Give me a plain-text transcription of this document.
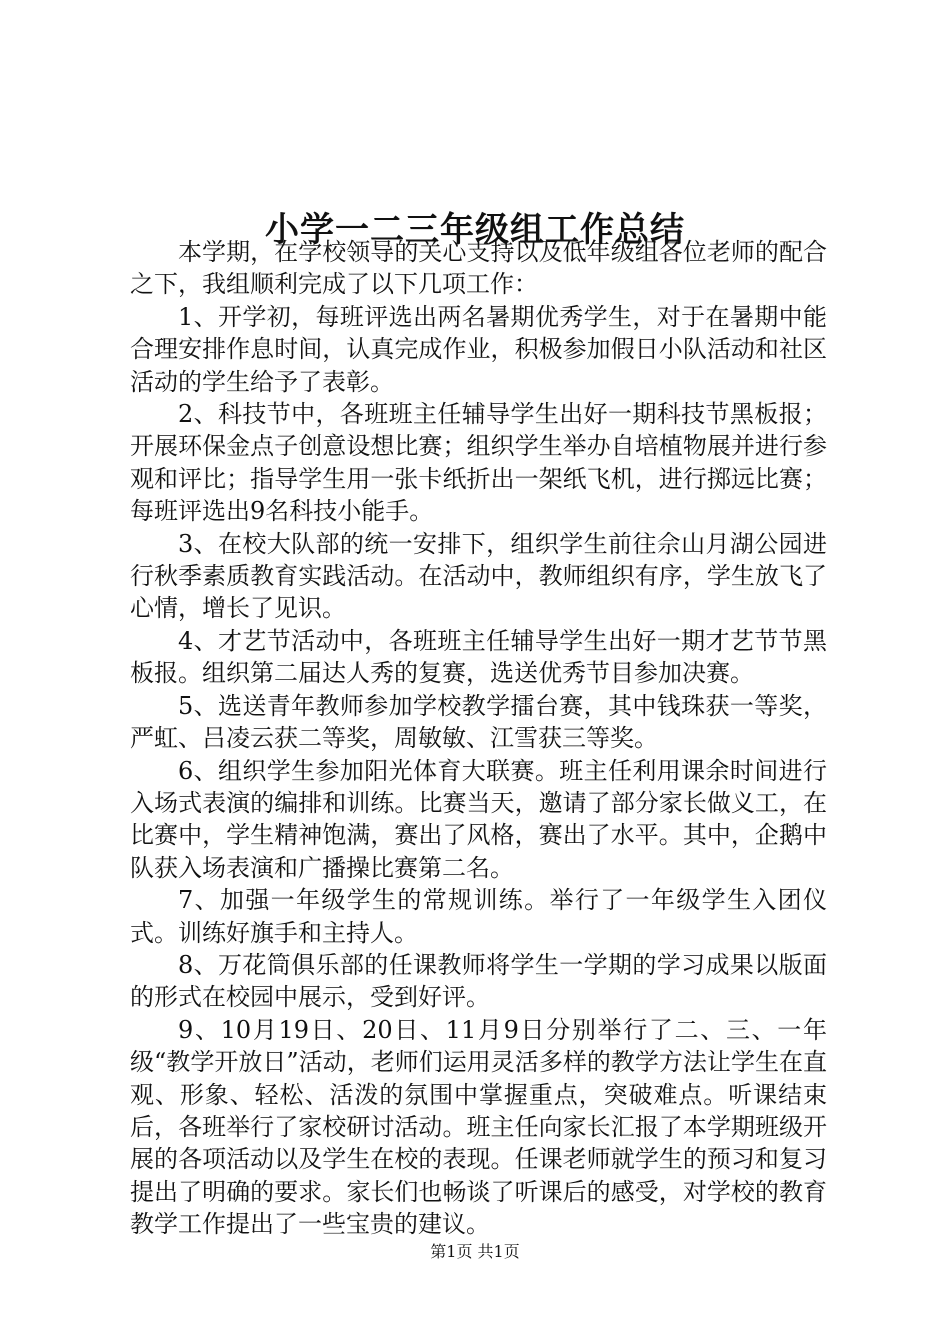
小学一二三年级组工作总结

本学期，在学校领导的关心支持以及低年级组各位老师的配合之下，我组顺利完成了以下几项工作：

1、开学初，每班评选出两名暑期优秀学生，对于在暑期中能合理安排作息时间，认真完成作业，积极参加假日小队活动和社区活动的学生给予了表彰。

2、科技节中，各班班主任辅导学生出好一期科技节黑板报；开展环保金点子创意设想比赛；组织学生举办自培植物展并进行参观和评比；指导学生用一张卡纸折出一架纸飞机，进行掷远比赛；每班评选出9名科技小能手。

3、在校大队部的统一安排下，组织学生前往佘山月湖公园进行秋季素质教育实践活动。在活动中，教师组织有序，学生放飞了心情，增长了见识。

4、才艺节活动中，各班班主任辅导学生出好一期才艺节节黑板报。组织第二届达人秀的复赛，选送优秀节目参加决赛。

5、选送青年教师参加学校教学擂台赛，其中钱珠获一等奖，严虹、吕凌云获二等奖，周敏敏、江雪获三等奖。

6、组织学生参加阳光体育大联赛。班主任利用课余时间进行入场式表演的编排和训练。比赛当天，邀请了部分家长做义工，在比赛中，学生精神饱满，赛出了风格，赛出了水平。其中，企鹅中队获入场表演和广播操比赛第二名。

7、加强一年级学生的常规训练。举行了一年级学生入团仪式。训练好旗手和主持人。

8、万花筒俱乐部的任课教师将学生一学期的学习成果以版面的形式在校园中展示，受到好评。

9、10月19日、20日、11月9日分别举行了二、三、一年级“教学开放日”活动，老师们运用灵活多样的教学方法让学生在直观、形象、轻松、活泼的氛围中掌握重点，突破难点。听课结束后，各班举行了家校研讨活动。班主任向家长汇报了本学期班级开展的各项活动以及学生在校的表现。任课老师就学生的预习和复习提出了明确的要求。家长们也畅谈了听课后的感受，对学校的教育教学工作提出了一些宝贵的建议。

第1页 共1页
